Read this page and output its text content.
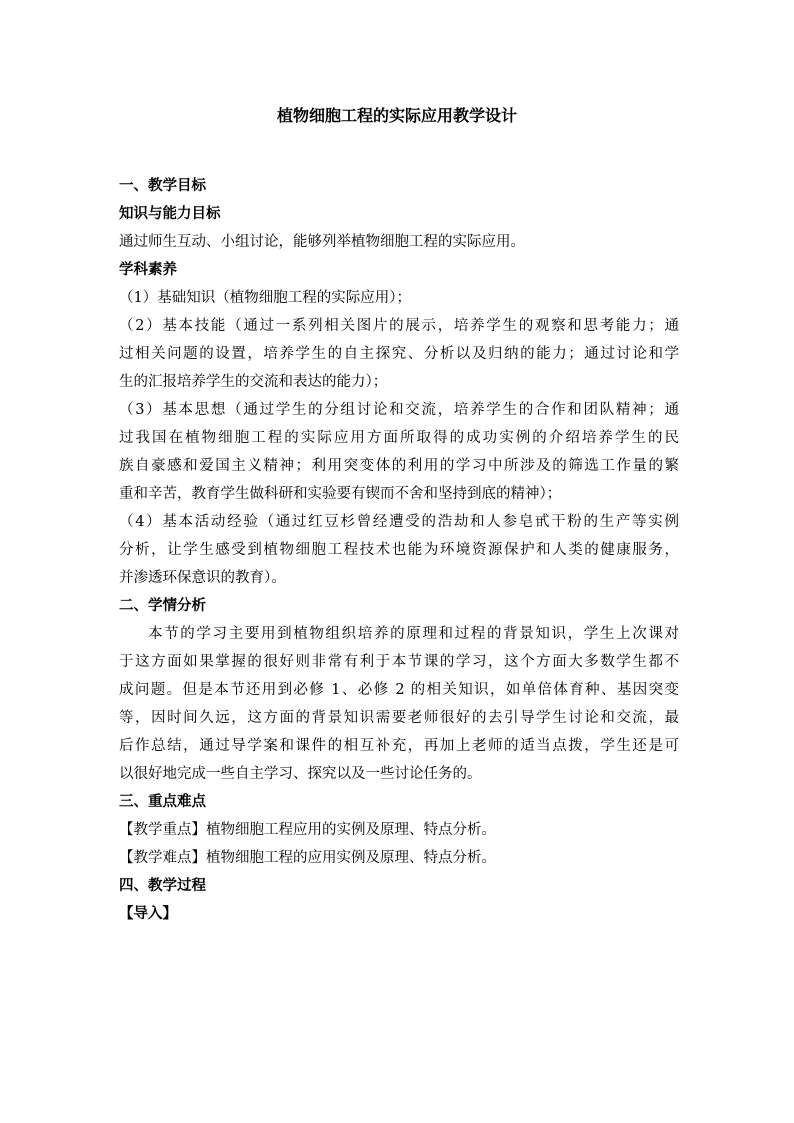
植物细胞工程的实际应用教学设计
一、教学目标
知识与能力目标
通过师生互动、小组讨论，能够列举植物细胞工程的实际应用。
学科素养
（1）基础知识（植物细胞工程的实际应用）；
（2）基本技能（通过一系列相关图片的展示，培养学生的观察和思考能力；通
过相关问题的设置，培养学生的自主探究、分析以及归纳的能力；通过讨论和学
生的汇报培养学生的交流和表达的能力）；
（3）基本思想（通过学生的分组讨论和交流，培养学生的合作和团队精神；通
过我国在植物细胞工程的实际应用方面所取得的成功实例的介绍培养学生的民
族自豪感和爱国主义精神；利用突变体的利用的学习中所涉及的筛选工作量的繁
重和辛苦，教育学生做科研和实验要有锲而不舍和坚持到底的精神）；
（4）基本活动经验（通过红豆杉曾经遭受的浩劫和人参皂甙干粉的生产等实例
分析，让学生感受到植物细胞工程技术也能为环境资源保护和人类的健康服务，
并渗透环保意识的教育）。
二、学情分析
本节的学习主要用到植物组织培养的原理和过程的背景知识，学生上次课对
于这方面如果掌握的很好则非常有利于本节课的学习，这个方面大多数学生都不
成问题。但是本节还用到必修 1、必修 2 的相关知识，如单倍体育种、基因突变
等，因时间久远，这方面的背景知识需要老师很好的去引导学生讨论和交流，最
后作总结，通过导学案和课件的相互补充，再加上老师的适当点拨，学生还是可
以很好地完成一些自主学习、探究以及一些讨论任务的。
三、重点难点
【教学重点】植物细胞工程应用的实例及原理、特点分析。
【教学难点】植物细胞工程的应用实例及原理、特点分析。
四、教学过程
【导入】
